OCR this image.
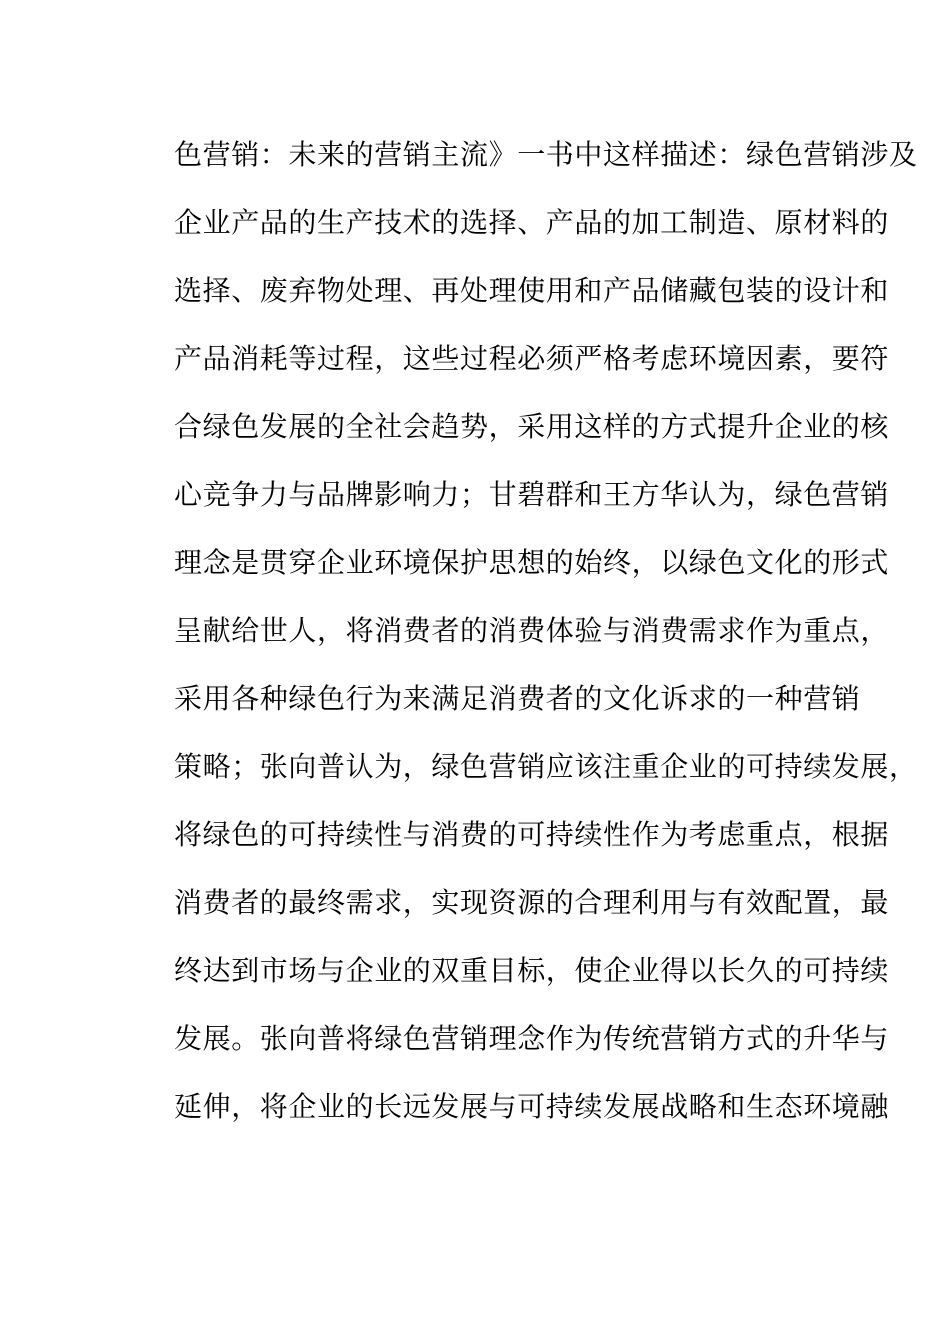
色营销：未来的营销主流》一书中这样描述：绿色营销涉及
企业产品的生产技术的选择、产品的加工制造、原材料的
选择、废弃物处理、再处理使用和产品储藏包装的设计和
产品消耗等过程，这些过程必须严格考虑环境因素，要符
合绿色发展的全社会趋势，采用这样的方式提升企业的核
心竞争力与品牌影响力；甘碧群和王方华认为，绿色营销
理念是贯穿企业环境保护思想的始终，以绿色文化的形式
呈献给世人，将消费者的消费体验与消费需求作为重点，
采用各种绿色行为来满足消费者的文化诉求的一种营销
策略；张向普认为，绿色营销应该注重企业的可持续发展，
将绿色的可持续性与消费的可持续性作为考虑重点，根据
消费者的最终需求，实现资源的合理利用与有效配置，最
终达到市场与企业的双重目标，使企业得以长久的可持续
发展。张向普将绿色营销理念作为传统营销方式的升华与
延伸，将企业的长远发展与可持续发展战略和生态环境融
